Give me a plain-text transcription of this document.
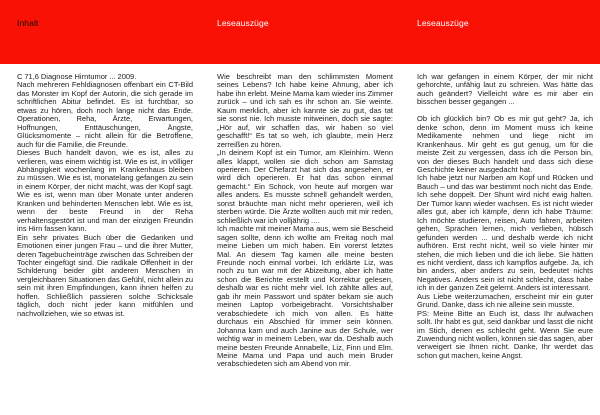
Inhalt	Leseauszüge	Leseauszüge

C 71,6 Diagnose Hirntumor ... 2009.

Nach mehreren Fehldiagnosen offenbart ein CT-Bild das Monster im Kopf der Autorin, die sich gerade im schriftlichen Abitur befindet. Es ist furchtbar, so etwas zu hören, doch noch lange nicht das Ende. Operationen, Reha, Ärzte, Erwartungen, Hoffnungen, Enttäuschungen, Ängste, Glücksmomente – nicht allein für die Betroffene, auch für die Familie, die Freunde.

Dieses Buch handelt davon, wie es ist, alles zu verlieren, was einem wichtig ist. Wie es ist, in völliger Abhängigkeit wochenlang im Krankenhaus bleiben zu müssen. Wie es ist, monatelang gefangen zu sein in einem Körper, der nicht macht, was der Kopf sagt. Wie es ist, wenn man über Monate unter anderen Kranken und behinderten Menschen lebt. Wie es ist, wenn der beste Freund in der Reha verhaltensgestört ist und man der einzigen Freundin ins Hirn fassen kann.

Ein sehr privates Buch über die Gedanken und Emotionen einer jungen Frau – und die ihrer Mutter, deren Tagebucheinträge zwischen das Schreiben der Tochter eingefügt sind. Die radikale Offenheit in der Schilderung beider gibt anderen Menschen in vergleichbaren Situationen das Gefühl, nicht allein zu sein mit ihren Empfindungen, kann ihnen helfen zu hoffen. Schließlich passieren solche Schicksale täglich, doch nicht jeder kann mitfühlen und nachvollziehen, wie so etwas ist.

Wie beschreibt man den schlimmsten Moment seines Lebens? Ich habe keine Ahnung, aber ich habe ihn erlebt. Meine Mama kam wieder ins Zimmer zurück – und ich sah es ihr schon an. Sie weinte. Kaum merklich, aber ich kannte sie zu gut, das tat sie sonst nie. Ich musste mitweinen, doch sie sagte: „Hör auf, wir schaffen das, wir haben so viel geschafft!“ Es tat so weh, ich glaubte, mein Herz zerreißen zu hören.

„In deinem Kopf ist ein Tumor, am Kleinhirn. Wenn alles klappt, wollen sie dich schon am Samstag operieren. Der Chefarzt hat sich das angesehen, er wird dich operieren. Er hat das schon einmal gemacht.“ Ein Schock, von heute auf morgen war alles anders. Es musste schnell gehandelt werden, sonst bräuchte man nicht mehr operieren, weil ich sterben würde. Die Ärzte wollten auch mit mir reden, schließlich war ich volljährig ....

Ich machte mit meiner Mama aus, wem sie Bescheid sagen sollte, denn ich wollte am Freitag noch mal meine Lieben um mich haben. Ein vorerst letztes Mal. An diesem Tag kamen alle meine besten Freunde noch einmal vorbei. Ich erklärte Liz, was noch zu tun war mit der Abizeitung, aber ich hatte schon die Berichte erstellt und Korrektur gelesen, deshalb war es nicht mehr viel. Ich zählte alles auf, gab ihr mein Passwort und später bekam sie auch meinen Laptop vorbeigebracht. Vorsichtshalber verabschiedete ich mich von allen. Es hätte durchaus ein Abschied für immer sein können. Johanna kam und auch Janine aus der Schule, wer wichtig war in meinem Leben, war da. Deshalb auch meine besten Freunde Annabelle, Liz, Finn und Elm. Meine Mama und Papa und auch mein Bruder verabschiedeten sich am Abend von mir.

Ich war gefangen in einem Körper, der mir nicht gehorchte, unfähig laut zu schreien. Was hätte das auch geändert? Vielleicht wäre es mir aber ein bisschen besser gegangen ...

Ob ich glücklich bin? Ob es mir gut geht? Ja, ich denke schon, denn im Moment muss ich keine Medikamente nehmen und liege nicht im Krankenhaus. Mir geht es gut genug, um für die meiste Zeit zu vergessen, dass ich die Person bin, von der dieses Buch handelt und dass sich diese Geschichte keiner ausgedacht hat.

Ich habe jetzt nur Narben am Kopf und Rücken und Bauch – und das war bestimmt noch nicht das Ende. Ich sehe doppelt. Der Shunt wird nicht ewig halten. Der Tumor kann wieder wachsen. Es ist nicht wieder alles gut, aber ich kämpfe, denn ich habe Träume: Ich möchte studieren, reisen, Auto fahren, arbeiten gehen, Sprachen lernen, mich verlieben, hübsch gefunden werden ... und deshalb werde ich nicht aufhören. Erst recht nicht, weil so viele hinter mir stehen, die mich lieben und die ich liebe. Sie hätten es nicht verdient, dass ich kampflos aufgebe. Ja, ich bin anders, aber anders zu sein, bedeutet nichts Negatives. Anders sein ist nicht schlecht, dass habe ich in der ganzen Zeit gelernt. Anders ist interessant.

Aus Liebe weiterzumachen, erscheint mir ein guter Grund. Danke, dass ich nie alleine sein musste.

PS: Meine Bitte an Euch ist, dass Ihr aufwachen sollt. Ihr habt es gut, seid dankbar und lasst die nicht im Stich, denen es schlecht geht. Wenn Sie eure Zuwendung nicht wollen, können sie das sagen, aber verweigert sie Ihnen nicht. Danke, Ihr werdet das schon gut machen, keine Angst.
